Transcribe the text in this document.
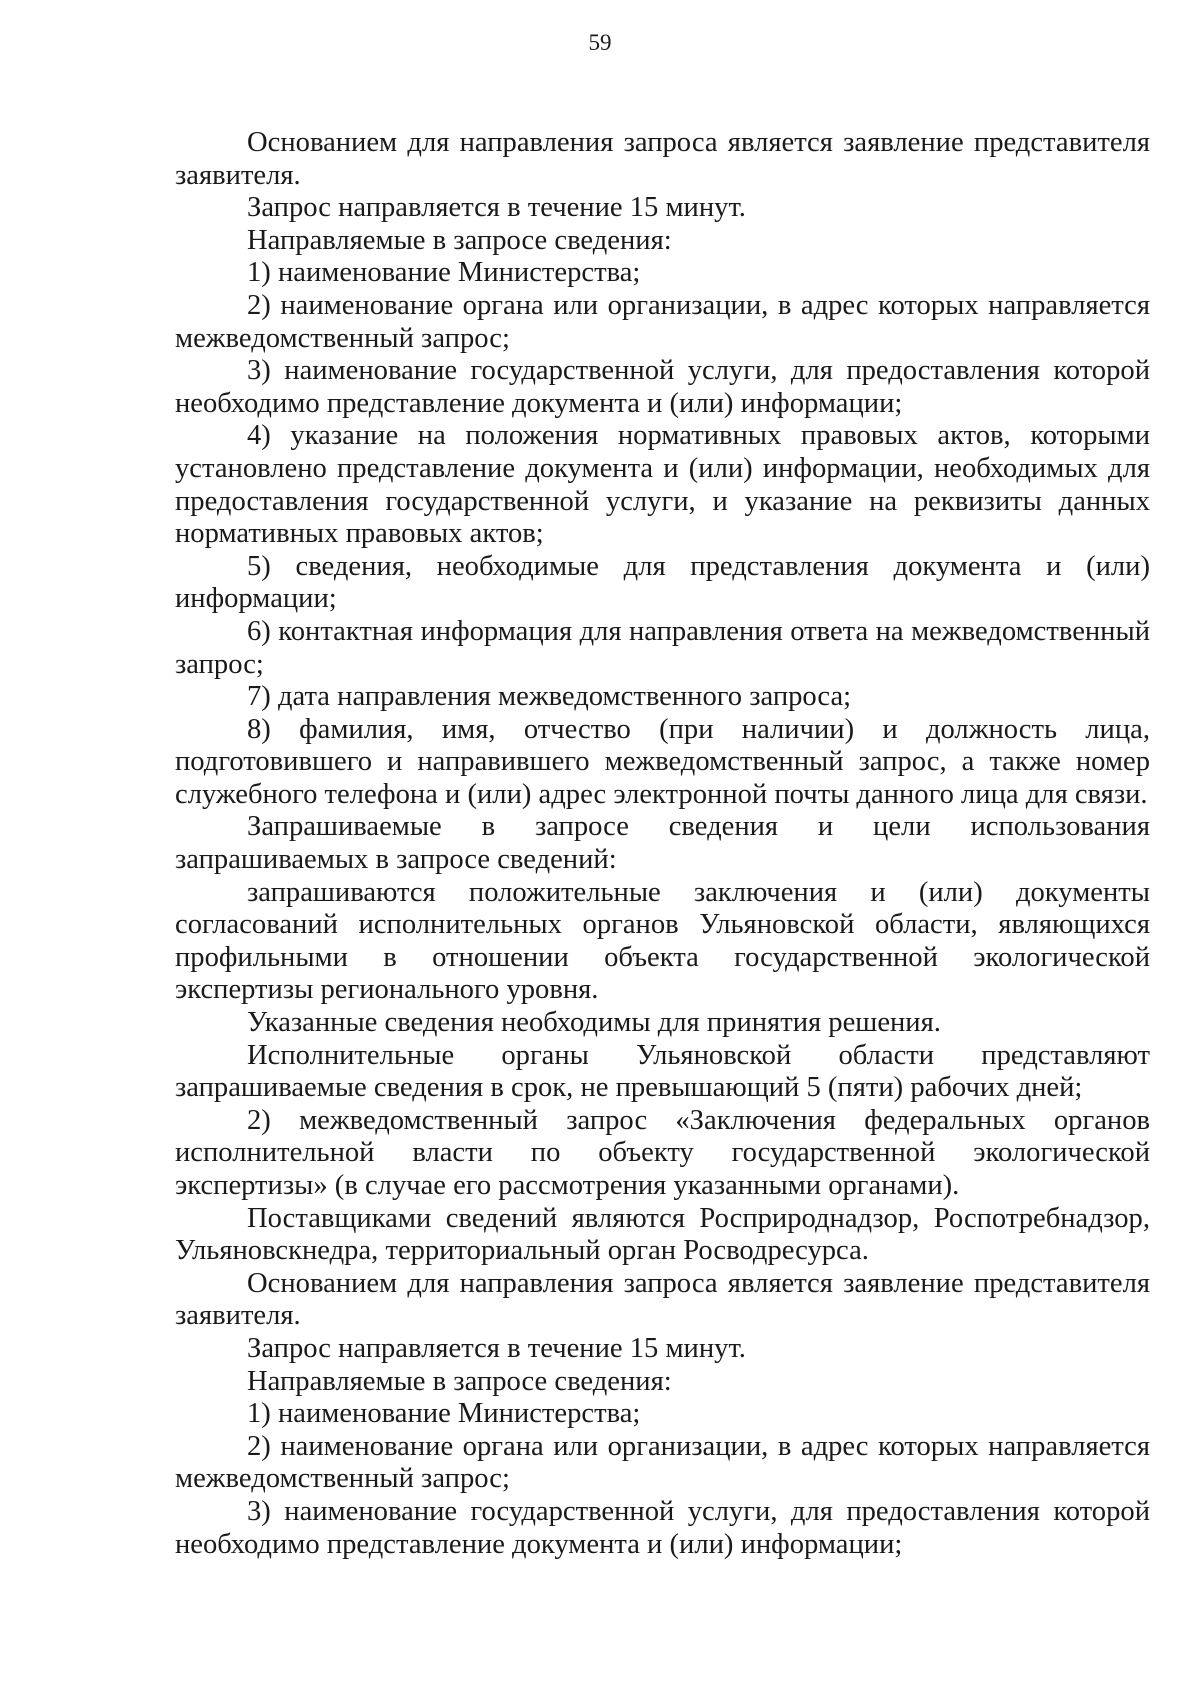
59

Основанием для направления запроса является заявление представителя заявителя.

Запрос направляется в течение 15 минут.

Направляемые в запросе сведения:

1) наименование Министерства;

2) наименование органа или организации, в адрес которых направляется межведомственный запрос;

3) наименование государственной услуги, для предоставления которой необходимо представление документа и (или) информации;

4) указание на положения нормативных правовых актов, которыми установлено представление документа и (или) информации, необходимых для предоставления государственной услуги, и указание на реквизиты данных нормативных правовых актов;

5) сведения, необходимые для представления документа и (или) информации;

6) контактная информация для направления ответа на межведомственный запрос;

7) дата направления межведомственного запроса;

8) фамилия, имя, отчество (при наличии) и должность лица, подготовившего и направившего межведомственный запрос, а также номер служебного телефона и (или) адрес электронной почты данного лица для связи.

Запрашиваемые в запросе сведения и цели использования запрашиваемых в запросе сведений:

запрашиваются положительные заключения и (или) документы согласований исполнительных органов Ульяновской области, являющихся профильными в отношении объекта государственной экологической экспертизы регионального уровня.

Указанные сведения необходимы для принятия решения.

Исполнительные органы Ульяновской области представляют запрашиваемые сведения в срок, не превышающий 5 (пяти) рабочих дней;

2) межведомственный запрос «Заключения федеральных органов исполнительной власти по объекту государственной экологической экспертизы» (в случае его рассмотрения указанными органами).

Поставщиками сведений являются Росприроднадзор, Роспотребнадзор, Ульяновскнедра, территориальный орган Росводресурса.

Основанием для направления запроса является заявление представителя заявителя.

Запрос направляется в течение 15 минут.

Направляемые в запросе сведения:

1) наименование Министерства;

2) наименование органа или организации, в адрес которых направляется межведомственный запрос;

3) наименование государственной услуги, для предоставления которой необходимо представление документа и (или) информации;
